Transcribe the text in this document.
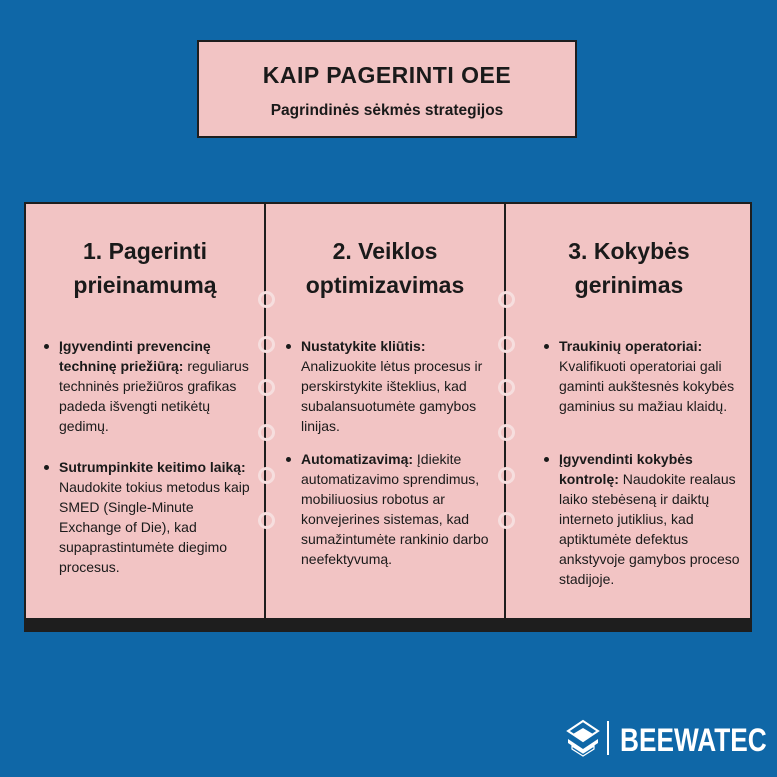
KAIP PAGERINTI OEE
Pagrindinės sėkmės strategijos
1. Pagerinti
prieinamumą
Įgyvendinti prevencinę techninę priežiūrą: reguliarus techninės priežiūros grafikas padeda išvengti netikėtų gedimų.
Sutrumpinkite keitimo laiką: Naudokite tokius metodus kaip SMED (Single-Minute Exchange of Die), kad supaprastintumėte diegimo procesus.
2. Veiklos
optimizavimas
Nustatykite kliūtis: Analizuokite lėtus procesus ir perskirstykite išteklius, kad subalansuotumėte gamybos linijas.
Automatizavimą: Įdiekite automatizavimo sprendimus, mobiliuosius robotus ar konvejerines sistemas, kad sumažintumėte rankinio darbo neefektyvumą.
3. Kokybės
gerinimas
Traukinių operatoriai: Kvalifikuoti operatoriai gali gaminti aukštesnės kokybės gaminius su mažiau klaidų.
Įgyvendinti kokybės kontrolę: Naudokite realaus laiko stebėseną ir daiktų interneto jutiklius, kad aptiktumėte defektus ankstyvoje gamybos proceso stadijoje.
BEEWATEC
